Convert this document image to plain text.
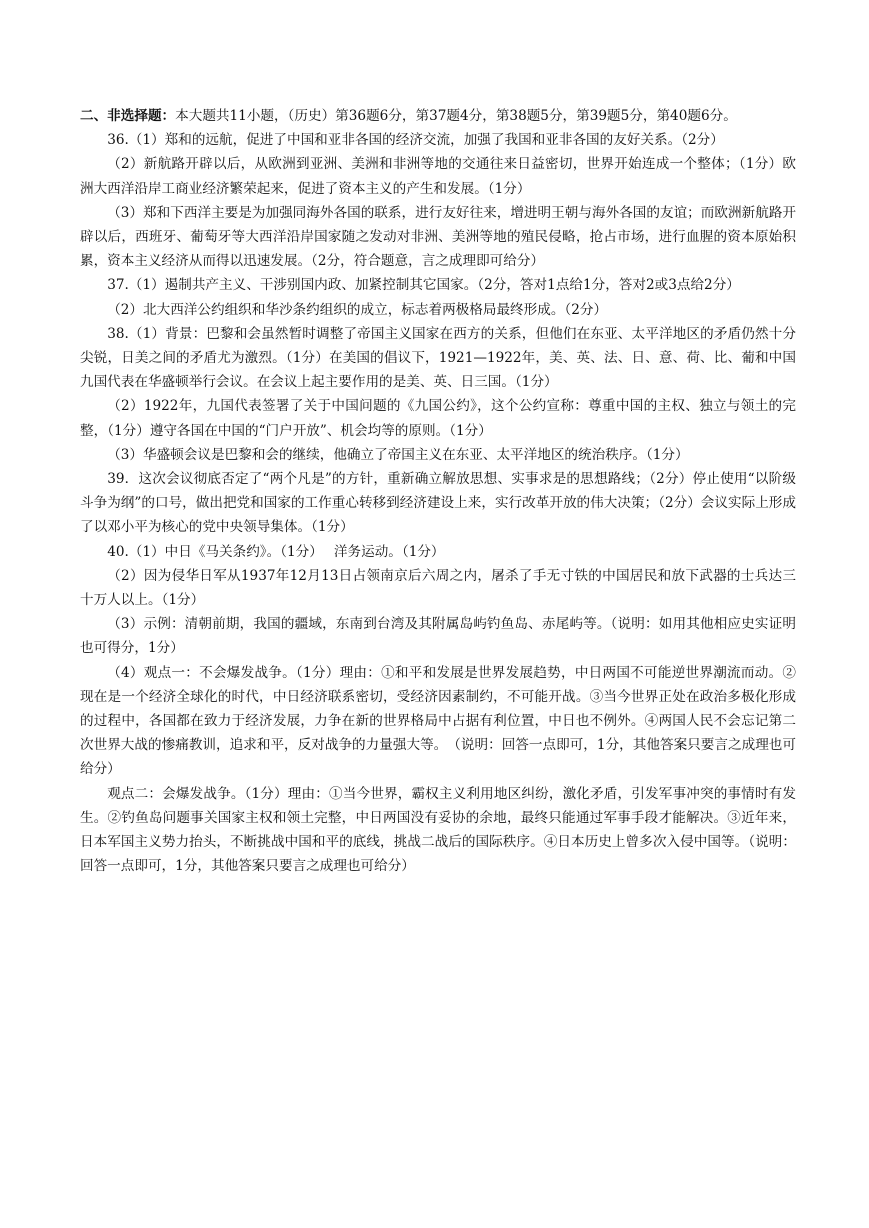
二、非选择题：本大题共11小题，（历史）第36题6分，第37题4分，第38题5分，第39题5分，第40题6分。

36.（1）郑和的远航，促进了中国和亚非各国的经济交流，加强了我国和亚非各国的友好关系。（2分）

（2）新航路开辟以后，从欧洲到亚洲、美洲和非洲等地的交通往来日益密切，世界开始连成一个整体；（1分）欧洲大西洋沿岸工商业经济繁荣起来，促进了资本主义的产生和发展。（1分）

（3）郑和下西洋主要是为加强同海外各国的联系，进行友好往来，增进明王朝与海外各国的友谊；而欧洲新航路开辟以后，西班牙、葡萄牙等大西洋沿岸国家随之发动对非洲、美洲等地的殖民侵略，抢占市场，进行血腥的资本原始积累，资本主义经济从而得以迅速发展。（2分，符合题意，言之成理即可给分）

37.（1）遏制共产主义、干涉别国内政、加紧控制其它国家。（2分，答对1点给1分，答对2或3点给2分）

（2）北大西洋公约组织和华沙条约组织的成立，标志着两极格局最终形成。（2分）

38.（1）背景：巴黎和会虽然暂时调整了帝国主义国家在西方的关系，但他们在东亚、太平洋地区的矛盾仍然十分尖锐，日美之间的矛盾尤为激烈。（1分）在美国的倡议下，1921—1922年，美、英、法、日、意、荷、比、葡和中国九国代表在华盛顿举行会议。在会议上起主要作用的是美、英、日三国。（1分）

（2）1922年，九国代表签署了关于中国问题的《九国公约》，这个公约宣称：尊重中国的主权、独立与领土的完整，（1分）遵守各国在中国的“门户开放”、机会均等的原则。（1分）

（3）华盛顿会议是巴黎和会的继续，他确立了帝国主义在东亚、太平洋地区的统治秩序。（1分）

39．这次会议彻底否定了“两个凡是”的方针，重新确立解放思想、实事求是的思想路线；（2分）停止使用“以阶级斗争为纲”的口号，做出把党和国家的工作重心转移到经济建设上来，实行改革开放的伟大决策；（2分）会议实际上形成了以邓小平为核心的党中央领导集体。（1分）

40.（1）中日《马关条约》。（1分）　 洋务运动。（1分）

（2）因为侵华日军从1937年12月13日占领南京后六周之内，屠杀了手无寸铁的中国居民和放下武器的士兵达三十万人以上。（1分）

（3）示例：清朝前期，我国的疆域，东南到台湾及其附属岛屿钓鱼岛、赤尾屿等。（说明：如用其他相应史实证明也可得分，1分）

（4）观点一：不会爆发战争。（1分）理由：①和平和发展是世界发展趋势，中日两国不可能逆世界潮流而动。②现在是一个经济全球化的时代，中日经济联系密切，受经济因素制约，不可能开战。③当今世界正处在政治多极化形成的过程中，各国都在致力于经济发展，力争在新的世界格局中占据有利位置，中日也不例外。④两国人民不会忘记第二次世界大战的惨痛教训，追求和平，反对战争的力量强大等。　（说明：回答一点即可，1分，其他答案只要言之成理也可给分）

观点二：会爆发战争。（1分）理由：①当今世界，霸权主义利用地区纠纷，激化矛盾，引发军事冲突的事情时有发生。②钓鱼岛问题事关国家主权和领土完整，中日两国没有妥协的余地，最终只能通过军事手段才能解决。③近年来，日本军国主义势力抬头，不断挑战中国和平的底线，挑战二战后的国际秩序。④日本历史上曾多次入侵中国等。（说明：回答一点即可，1分，其他答案只要言之成理也可给分）
